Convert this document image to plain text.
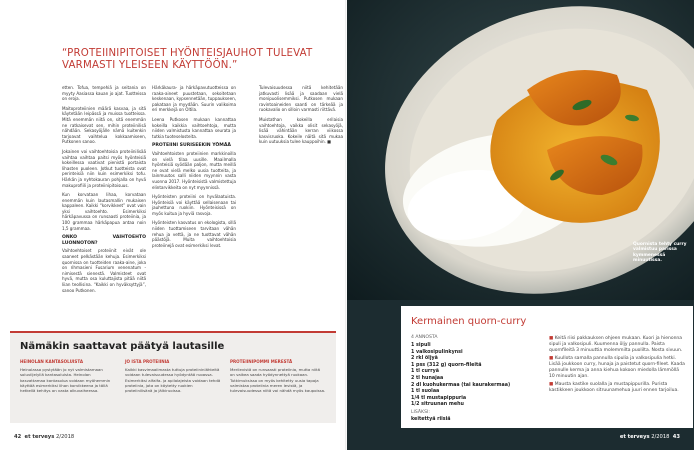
“PROTEIINIPITOISET HYÖNTEISJAUHOT TULEVAT VARMASTI YLEISEEN KÄYTTÖÖN.”

etten. Tofua, tempehiä ja seitania on myyty Aasiassa kauan jo ajat. Tuotteissa on eroja.

Maitoproteiinien määrä kasvaa, ja sitä käytetään leipässä ja muissa tuotteissa. Mitä enemmän niitä on, sitä enemmän ne ratkaisevat sen, mihin proteiinilisä nähdään. Sekasyöjälle nämä kuitenkin tarjoavat vaihtelua kokkaamiseen, Putkonen sanoo.

Jokainen voi vaihtoehtoisia proteiinilisää vaihtaa vaihtaa paitsi myös hyönteisiä kokeillessa vaativat pienistä portaista lihasten puoleen. Jotkut tuotteista ovat perinteisiä niin kuin esimerkiksi tofu. Härkän ja nyhtokauran pohjalla on hyvä makuprofiili ja proteiinipitoisuus.

Kun korvataan lihaa, korvataan enemmän kuin lautasmallin mukaisen kappaleen. Kaikki “korvikkeet” ovat vain yksi vaihtoehto. Esimerkiksi härkäpavussa on runsaasti proteiinia, ja 100 grammaa härkäpapua antaa noin 1,5 grammaa.

ONKO VAIHTOEHTO LUONNOTON?

Vaihtoehtoiset proteiinit eivät ole saaneet pelkästään kehuja. Esimerkiksi quornissa on tuotteiden raaka-aine, joka on rihmasieni Fusarium venenatum -nimisestä sienestä. Valmisteet ovat hyvä, mutta osa kuluttajista pitää niitä liian teollisina. “Kaikki on hyväksyttyjä”, sanoo Putkonen.

Härkäkaura- ja härkäpavutuotteissa on raaka-aineet puustetaan, sekoitetaan keskenaan, kypsennetään, tuppaukseen, pakataan ja myydään. Suurin valikoima eri merkkejä on Oltila.

Leena Putkosen mukaan kannattaa kokeilla kaikkia vaihtoehtoja, mutta niiden valmistusta kannattaa seurata ja tutkia tuoteselosteita.

PROTEIINI SURISEEKIN YÖMÄÄ

Vaihtoehtoisten proteiinien markkinoilla on vielä tilaa uusille. Maailmalla hyönteisiä syödään paljon, mutta meillä ne ovat vielä melko uusia tuotteita, ja lainmuutos salli niiden myynnin vasta vuonna 2017. Hyönteisistä valmistettuja elintarvikkeita on nyt myynnissä.

Hyönteisten proteiini on hyvälaatuista. Hyönteisiä voi käyttää sellaisenaan tai jauhettuna ruokiin. Hyönteisissä on myös kuitua ja hyviä rasvoja.

Hyönteisten kasvatus on ekologista, sillä niiden tuottamiseen tarvitaan vähän rehua ja vettä, ja ne tuottavat vähän päästöjä. Muita vaihtoehtoisia proteiinejä ovat esimerkiksi levat.

Tulevaisuudessa niitä kehitetään jatkuvasti lisää ja saadaan vielä monipuolisemmiksi. Putkosen mukaan ravintoaineiden saanti on tärkeää ja ruokavalio on silloin varmasti riittävä.

Muistathan kokeilla erilaisia vaihtoehtoja, vaikka olisit sekasyöjä, lisää vähintään kerran viikossa kasvisruoka. Kokeile näitä sitä mukaa kuin uutuuksia tulee kauppoihin. ■

Nämäkin saattavat päätyä lautasille
HEINOLAN KANTASOLUISTA
Heinolassa pystytään jo nyt valmistamaan soluviljelyllä kantasoluista. Heinolan kasvattamaa kantasolua voidaan myöhemmin käyttää esimerkiksi lihan korvikkeena ja tällä hetkellä kehitys on vasta alkuvaiheessa.
JO ISTA PROTEIINIA
Kaikki kasvimaailmasta tuttuja proteiininlähteitä voidaan tulevaisuudessa hyödyntää ruoassa. Esimerkiksi alfalfa- ja apilalajeista voidaan tehdä proteiinia, jota on käytetty ruokien proteiinilisänä ja jälkiruoissa.
PROTEIINIPOMMI MERESTÄ
Merilevistä on runsaasti proteiinia, mutta niitä on vaikea saada hyödynnettyä ruokaan. Tutkimuksissa on myös kehitetty uusia tapoja valmistaa proteiinia meren levistä, ja tulevaisuudessa niitä voi nähdä myös kaupoissa.
42 et terveys 2/2018
Quornista tehty curry valmistuu parissa kymmenessä minuutissa.
Kermainen quorn-curry
4 ANNOSTA
1 sipuli
1 valkosipulinkynsi
2 rkl öljyä
1 pss (312 g) quorn-fileitä
1 tl curryä
2 tl hunajaa
2 dl kuohukermaa (tai kaurakermaa)
1 tl suolaa
1/4 tl mustapippuria
1/2 sitruunan mehu
LISÄKSI:
keitettyä riisiä

■ Keitä riisi pakkauksen ohjeen mukaan. Kuori ja hienonna sipuli ja valkosipuli. Kuumenna öljy pannulla. Paista quornfileitä 3 minuuttia molemmilta puolilta. Nosta sivuun.

■ Kuullota samalla pannulla sipulia ja valkosipulia hetki. Lisää joukkoon curry, hunaja ja paistetut quorn-fileet. Kaada pannulle kerma ja anna kiehua kokoon miedolla lämmöllä 10 minuutin ajan.

■ Mausta kastike suolalla ja mustapippurilla. Purista kastikkeen joukkoon sitruunamehua juuri ennen tarjoilua.

et terveys 2/2018 43
